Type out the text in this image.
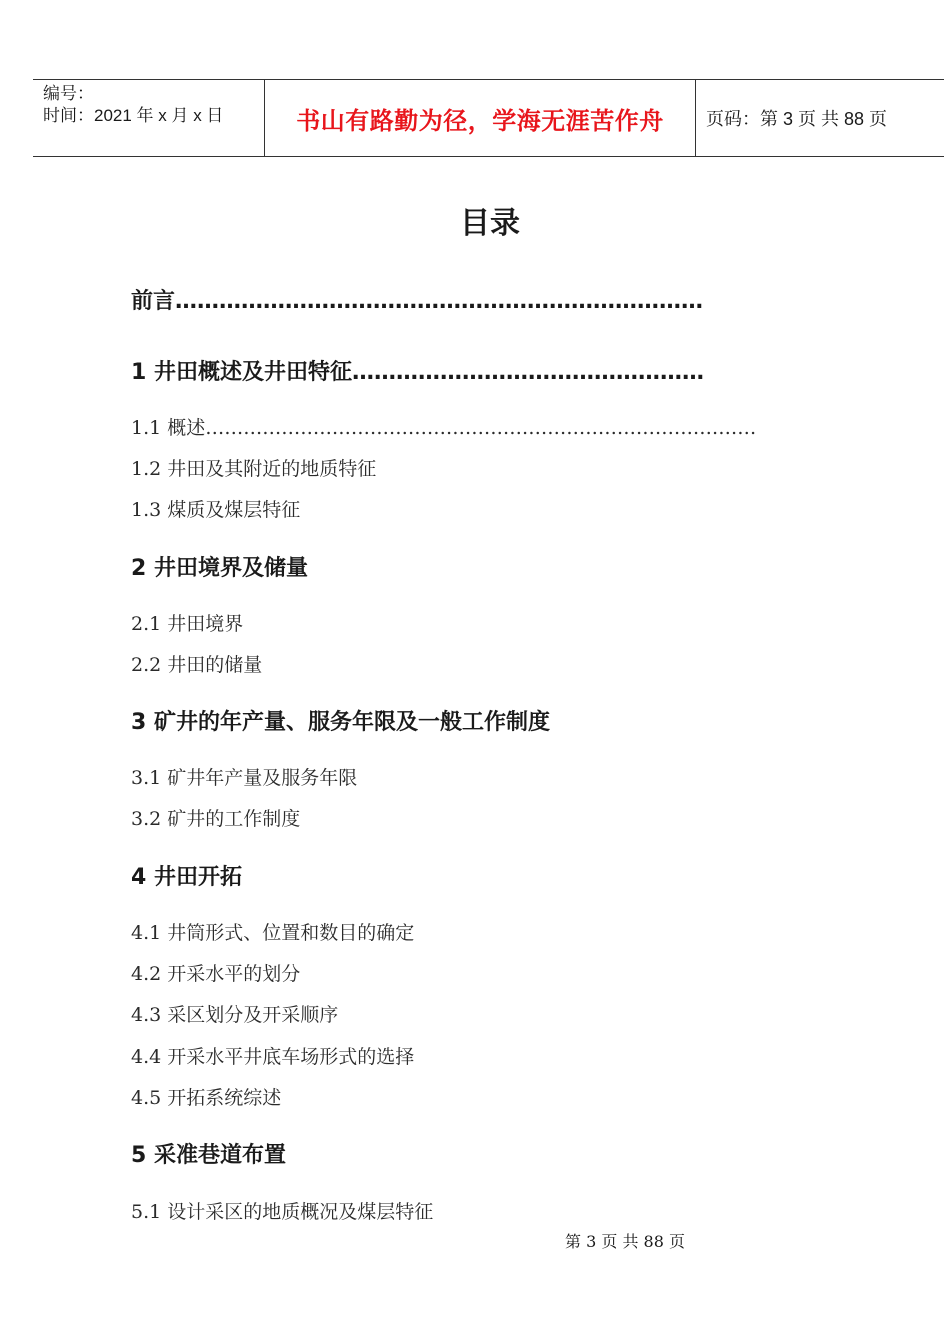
编号：
时间：2021 年 x 月 x 日	书山有路勤为径，学海无涯苦作舟	页码：第 3 页 共 88 页
目录
前言………………………………………………………………
1 井田概述及井田特征…………………………………………
1.1 概述……………………………………………………………………………
1.2 井田及其附近的地质特征
1.3 煤质及煤层特征
2 井田境界及储量
2.1 井田境界
2.2 井田的储量
3 矿井的年产量、服务年限及一般工作制度
3.1 矿井年产量及服务年限
3.2 矿井的工作制度
4 井田开拓
4.1 井筒形式、位置和数目的确定
4.2 开采水平的划分
4.3 采区划分及开采顺序
4.4 开采水平井底车场形式的选择
4.5 开拓系统综述
5 采准巷道布置
5.1 设计采区的地质概况及煤层特征
第 3 页 共 88 页
